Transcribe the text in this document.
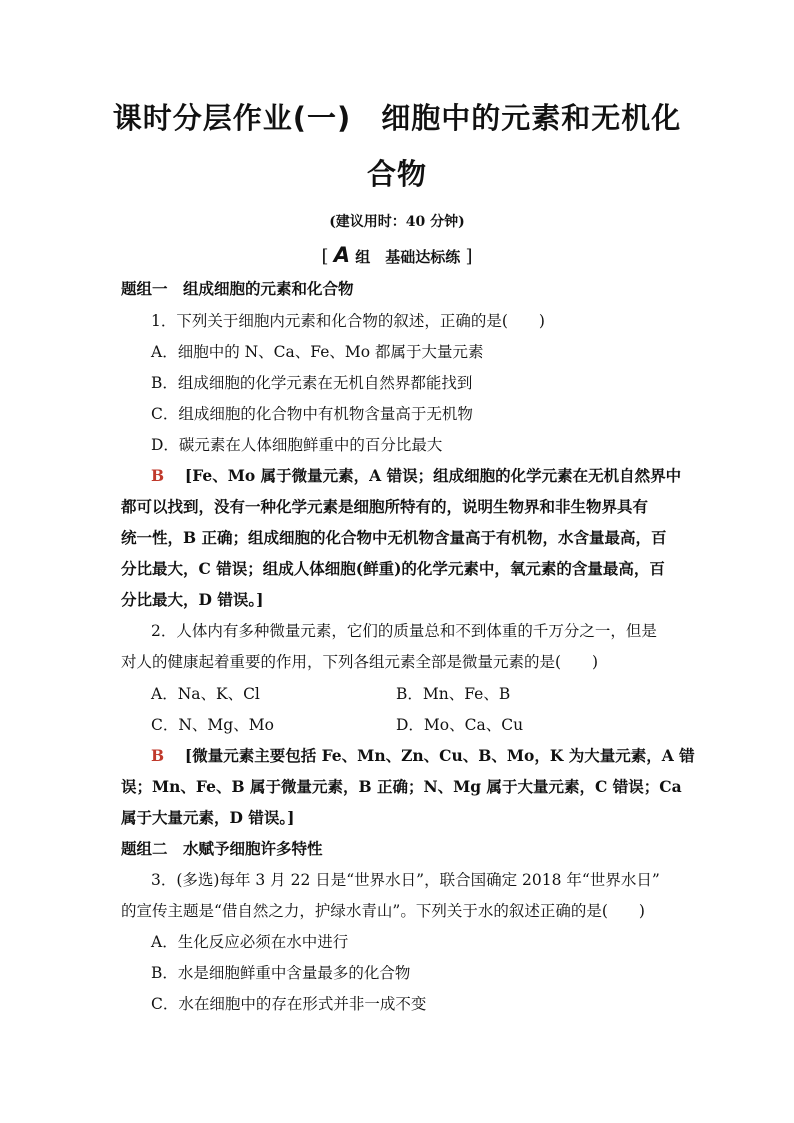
课时分层作业(一)　细胞中的元素和无机化
合物
(建议用时：40 分钟)
[ A 组　基础达标练 ]
题组一　组成细胞的元素和化合物
1．下列关于细胞内元素和化合物的叙述，正确的是(　　)
A．细胞中的 N、Ca、Fe、Mo 都属于大量元素
B．组成细胞的化学元素在无机自然界都能找到
C．组成细胞的化合物中有机物含量高于无机物
D．碳元素在人体细胞鲜重中的百分比最大
B [Fe、Mo 属于微量元素，A 错误；组成细胞的化学元素在无机自然界中
都可以找到，没有一种化学元素是细胞所特有的，说明生物界和非生物界具有
统一性，B 正确；组成细胞的化合物中无机物含量高于有机物，水含量最高，百
分比最大，C 错误；组成人体细胞(鲜重)的化学元素中，氧元素的含量最高，百
分比最大，D 错误。]
2．人体内有多种微量元素，它们的质量总和不到体重的千万分之一，但是
对人的健康起着重要的作用，下列各组元素全部是微量元素的是(　　)
A．Na、K、Cl	B．Mn、Fe、B
C．N、Mg、Mo	D．Mo、Ca、Cu
B [微量元素主要包括 Fe、Mn、Zn、Cu、B、Mo，K 为大量元素，A 错
误；Mn、Fe、B 属于微量元素，B 正确；N、Mg 属于大量元素，C 错误；Ca
属于大量元素，D 错误。]
题组二　水赋予细胞许多特性
3．(多选)每年 3 月 22 日是“世界水日”，联合国确定 2018 年“世界水日”
的宣传主题是“借自然之力，护绿水青山”。下列关于水的叙述正确的是(　　)
A．生化反应必须在水中进行
B．水是细胞鲜重中含量最多的化合物
C．水在细胞中的存在形式并非一成不变
